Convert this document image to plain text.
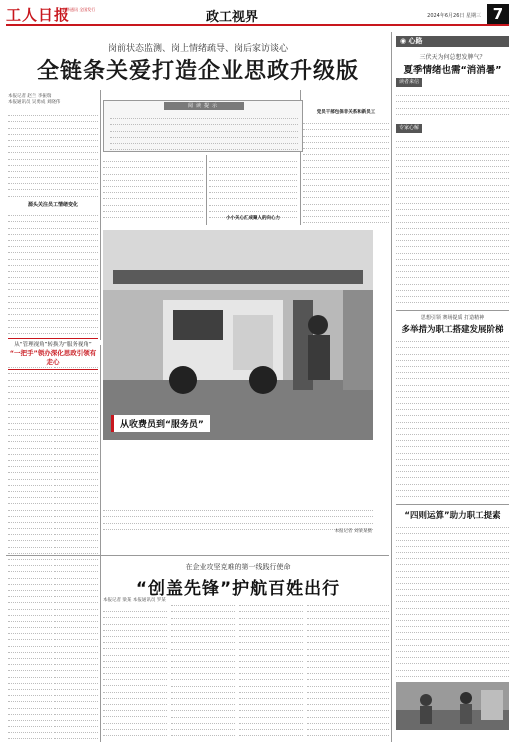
工人日报
新华通讯 全国发行
政工视界	2024年6月26日 星期三 7
岗前状态监测、岗上情绪疏导、岗后家访谈心
全链条关爱打造企业思政升级版
本报记者 赵兰 李振瑞
本报通讯员 吴勇成 刘晓伟
源头关注员工情绪变化
阅读提示
小小关心汇成聚人的向心力
党员干部包保非关系和新员工
从收费员到“服务员”
本报记者 刘某某摄
从“管理视角”转换为“服务视角”
“一把手”领办深化思政引领有走心
在企业攻坚克难的第一线践行使命
“创盖先锋”护航百姓出行
本报记者 梁某 本报通讯员 罗某
◉ 心路
三伏天为何总想发脾气？
夏季情绪也需“消消暑”
读者来信
专家心解
思想引领 赛场提质 打造精神
多举措为职工搭建发展阶梯
“四则运算”助力职工提素
